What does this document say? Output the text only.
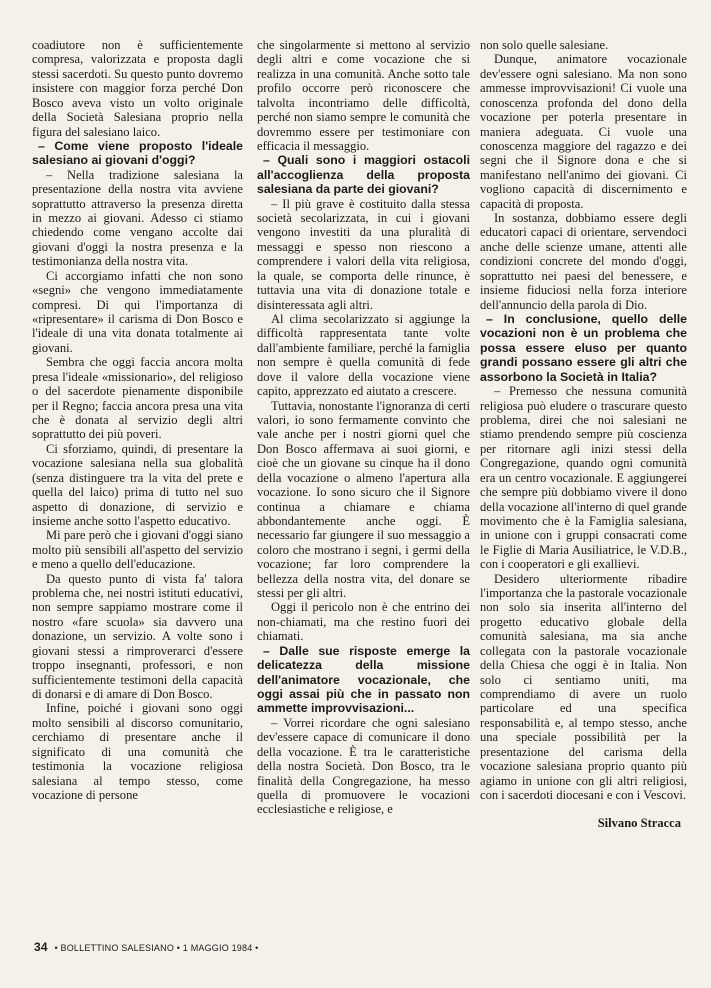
coadiutore non è sufficientemente compresa, valorizzata e proposta dagli stessi sacerdoti. Su questo punto dovremo insistere con maggior forza perché Don Bosco aveva visto un volto originale della Società Salesiana proprio nella figura del salesiano laico.

– Come viene proposto l'ideale salesiano ai giovani d'oggi?

– Nella tradizione salesiana la presentazione della nostra vita avviene soprattutto attraverso la presenza diretta in mezzo ai giovani. Adesso ci stiamo chiedendo come vengano accolte dai giovani d'oggi la nostra presenza e la testimonianza della nostra vita.

Ci accorgiamo infatti che non sono «segni» che vengono immediatamente compresi. Di qui l'importanza di «ripresentare» il carisma di Don Bosco e l'ideale di una vita donata totalmente ai giovani.

Sembra che oggi faccia ancora molta presa l'ideale «missionario», del religioso o del sacerdote pienamente disponibile per il Regno; faccia ancora presa una vita che è donata al servizio degli altri soprattutto dei più poveri.

Ci sforziamo, quindi, di presentare la vocazione salesiana nella sua globalità (senza distinguere tra la vita del prete e quella del laico) prima di tutto nel suo aspetto di donazione, di servizio e insieme anche sotto l'aspetto educativo.

Mi pare però che i giovani d'oggi siano molto più sensibili all'aspetto del servizio e meno a quello dell'educazione.

Da questo punto di vista fa' talora problema che, nei nostri istituti educativi, non sempre sappiamo mostrare come il nostro «fare scuola» sia davvero una donazione, un servizio. A volte sono i giovani stessi a rimproverarci d'essere troppo insegnanti, professori, e non sufficientemente testimoni della capacità di donarsi e di amare di Don Bosco.

Infine, poiché i giovani sono oggi molto sensibili al discorso comunitario, cerchiamo di presentare anche il significato di una comunità che testimonia la vocazione religiosa salesiana al tempo stesso, come vocazione di persone

che singolarmente si mettono al servizio degli altri e come vocazione che si realizza in una comunità. Anche sotto tale profilo occorre però riconoscere che talvolta incontriamo delle difficoltà, perché non siamo sempre le comunità che dovremmo essere per testimoniare con efficacia il messaggio.

– Quali sono i maggiori ostacoli all'accoglienza della proposta salesiana da parte dei giovani?

– Il più grave è costituito dalla stessa società secolarizzata, in cui i giovani vengono investiti da una pluralità di messaggi e spesso non riescono a comprendere i valori della vita religiosa, la quale, se comporta delle rinunce, è tuttavia una vita di donazione totale e disinteressata agli altri.

Al clima secolarizzato si aggiunge la difficoltà rappresentata tante volte dall'ambiente familiare, perché la famiglia non sempre è quella comunità di fede dove il valore della vocazione viene capito, apprezzato ed aiutato a crescere.

Tuttavia, nonostante l'ignoranza di certi valori, io sono fermamente convinto che vale anche per i nostri giorni quel che Don Bosco affermava ai suoi giorni, e cioè che un giovane su cinque ha il dono della vocazione o almeno l'apertura alla vocazione. Io sono sicuro che il Signore continua a chiamare e chiama abbondantemente anche oggi. È necessario far giungere il suo messaggio a coloro che mostrano i segni, i germi della vocazione; far loro comprendere la bellezza della nostra vita, del donare se stessi per gli altri.

Oggi il pericolo non è che entrino dei non-chiamati, ma che restino fuori dei chiamati.

– Dalle sue risposte emerge la delicatezza della missione dell'animatore vocazionale, che oggi assai più che in passato non ammette improvvisazioni...

– Vorrei ricordare che ogni salesiano dev'essere capace di comunicare il dono della vocazione. È tra le caratteristiche della nostra Società. Don Bosco, tra le finalità della Congregazione, ha messo quella di promuovere le vocazioni ecclesiastiche e religiose, e

non solo quelle salesiane.

Dunque, animatore vocazionale dev'essere ogni salesiano. Ma non sono ammesse improvvisazioni! Ci vuole una conoscenza profonda del dono della vocazione per poterla presentare in maniera adeguata. Ci vuole una conoscenza maggiore del ragazzo e dei segni che il Signore dona e che si manifestano nell'animo dei giovani. Ci vogliono capacità di discernimento e capacità di proposta.

In sostanza, dobbiamo essere degli educatori capaci di orientare, servendoci anche delle scienze umane, attenti alle condizioni concrete del mondo d'oggi, soprattutto nei paesi del benessere, e insieme fiduciosi nella forza interiore dell'annuncio della parola di Dio.

– In conclusione, quello delle vocazioni non è un problema che possa essere eluso per quanto grandi possano essere gli altri che assorbono la Società in Italia?

– Premesso che nessuna comunità religiosa può eludere o trascurare questo problema, direi che noi salesiani ne stiamo prendendo sempre più coscienza per ritornare agli inizi stessi della Congregazione, quando ogni comunità era un centro vocazionale. E aggiungerei che sempre più dobbiamo vivere il dono della vocazione all'interno di quel grande movimento che è la Famiglia salesiana, in unione con i gruppi consacrati come le Figlie di Maria Ausiliatrice, le V.D.B., con i cooperatori e gli exallievi.

Desidero ulteriormente ribadire l'importanza che la pastorale vocazionale non solo sia inserita all'interno del progetto educativo globale della comunità salesiana, ma sia anche collegata con la pastorale vocazionale della Chiesa che oggi è in Italia. Non solo ci sentiamo uniti, ma comprendiamo di avere un ruolo particolare ed una specifica responsabilità e, al tempo stesso, anche una speciale possibilità per la presentazione del carisma della vocazione salesiana proprio quanto più agiamo in unione con gli altri religiosi, con i sacerdoti diocesani e con i Vescovi.

Silvano Stracca

34 • BOLLETTINO SALESIANO • 1 MAGGIO 1984 •
